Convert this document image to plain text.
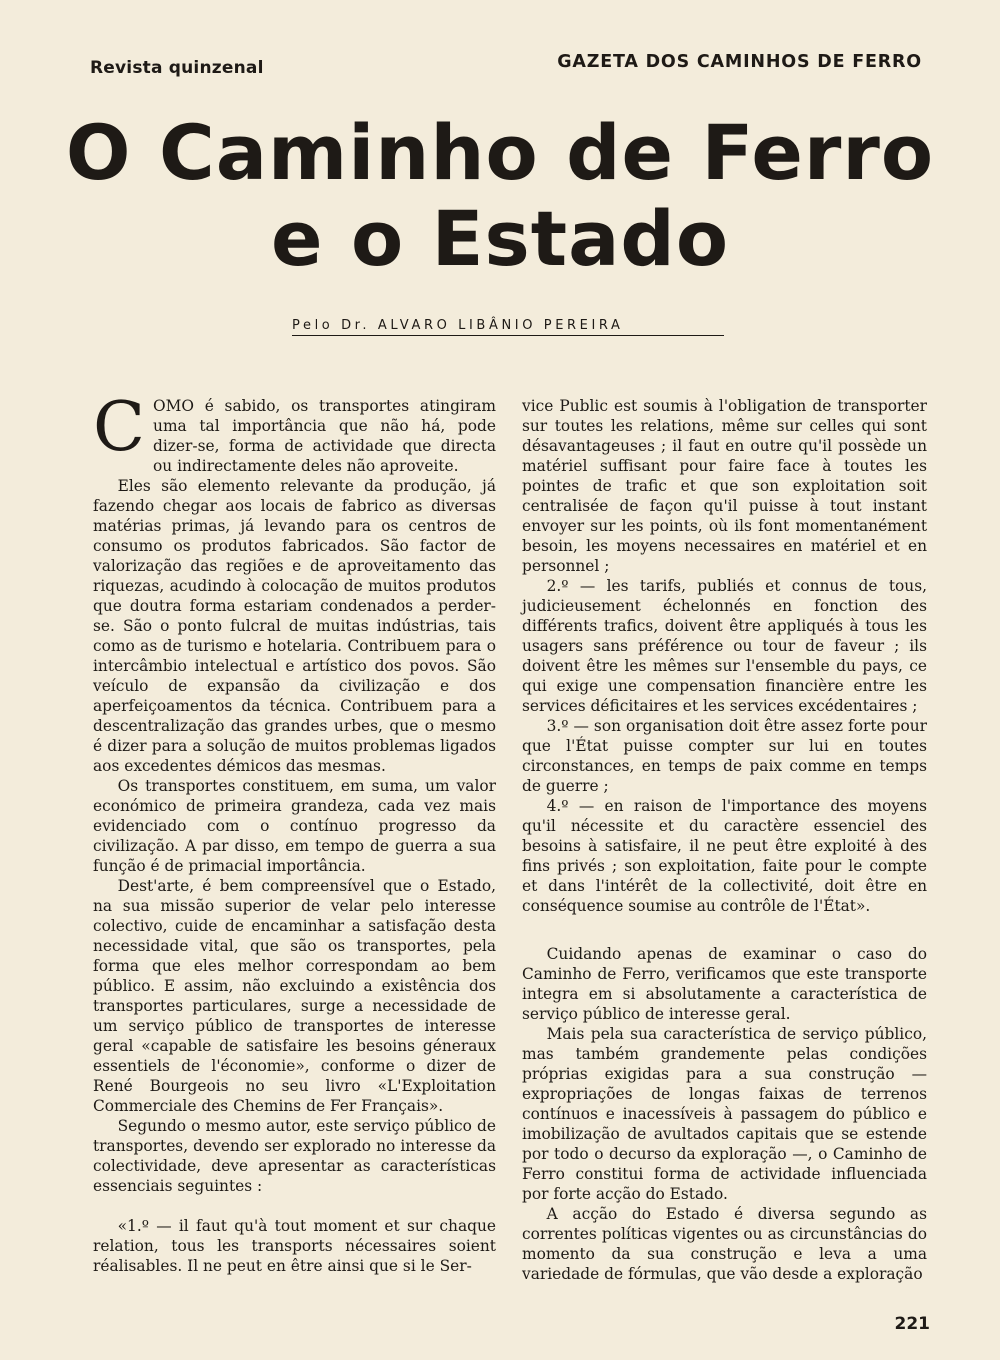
Revista quinzenal	GAZETA DOS CAMINHOS DE FERRO
O Caminho de Ferro
e o Estado
Pelo Dr. ALVARO LIBÂNIO PEREIRA

COMO é sabido, os transportes atingiram uma tal importância que não há, pode dizer-se, forma de actividade que directa ou indirectamente deles não aproveite.

Eles são elemento relevante da produção, já fazendo chegar aos locais de fabrico as diversas matérias primas, já levando para os centros de consumo os produtos fabricados. São factor de valorização das regiões e de aproveitamento das riquezas, acudindo à colocação de muitos produtos que doutra forma estariam condenados a perder-se. São o ponto fulcral de muitas indústrias, tais como as de turismo e hotelaria. Contribuem para o intercâmbio intelectual e artístico dos povos. São veículo de expansão da civilização e dos aperfeiçoamentos da técnica. Contribuem para a descentralização das grandes urbes, que o mesmo é dizer para a solução de muitos problemas ligados aos excedentes démicos das mesmas.

Os transportes constituem, em suma, um valor económico de primeira grandeza, cada vez mais evidenciado com o contínuo progresso da civilização. A par disso, em tempo de guerra a sua função é de primacial importância.

Dest'arte, é bem compreensível que o Estado, na sua missão superior de velar pelo interesse colectivo, cuide de encaminhar a satisfação desta necessidade vital, que são os transportes, pela forma que eles melhor correspondam ao bem público. E assim, não excluindo a existência dos transportes particulares, surge a necessidade de um serviço público de transportes de interesse geral «capable de satisfaire les besoins géneraux essentiels de l'économie», conforme o dizer de René Bourgeois no seu livro «L'Exploitation Commerciale des Chemins de Fer Français».

Segundo o mesmo autor, este serviço público de transportes, devendo ser explorado no interesse da colectividade, deve apresentar as características essenciais seguintes :

«1.º — il faut qu'à tout moment et sur chaque relation, tous les transports nécessaires soient réalisables. Il ne peut en être ainsi que si le Ser-

vice Public est soumis à l'obligation de transporter sur toutes les relations, même sur celles qui sont désavantageuses ; il faut en outre qu'il possède un matériel suffisant pour faire face à toutes les pointes de trafic et que son exploitation soit centralisée de façon qu'il puisse à tout instant envoyer sur les points, où ils font momentanément besoin, les moyens necessaires en matériel et en personnel ;

2.º — les tarifs, publiés et connus de tous, judicieusement échelonnés en fonction des différents trafics, doivent être appliqués à tous les usagers sans préférence ou tour de faveur ; ils doivent être les mêmes sur l'ensemble du pays, ce qui exige une compensation financière entre les services déficitaires et les services excédentaires ;

3.º — son organisation doit être assez forte pour que l'État puisse compter sur lui en toutes circonstances, en temps de paix comme en temps de guerre ;

4.º — en raison de l'importance des moyens qu'il nécessite et du caractère essenciel des besoins à satisfaire, il ne peut être exploité à des fins privés ; son exploitation, faite pour le compte et dans l'intérêt de la collectivité, doit être en conséquence soumise au contrôle de l'État».

Cuidando apenas de examinar o caso do Caminho de Ferro, verificamos que este transporte integra em si absolutamente a característica de serviço público de interesse geral.

Mais pela sua característica de serviço público, mas também grandemente pelas condições próprias exigidas para a sua construção — expropriações de longas faixas de terrenos contínuos e inacessíveis à passagem do público e imobilização de avultados capitais que se estende por todo o decurso da exploração —, o Caminho de Ferro constitui forma de actividade influenciada por forte acção do Estado.

A acção do Estado é diversa segundo as correntes políticas vigentes ou as circunstâncias do momento da sua construção e leva a uma variedade de fórmulas, que vão desde a exploração

221
